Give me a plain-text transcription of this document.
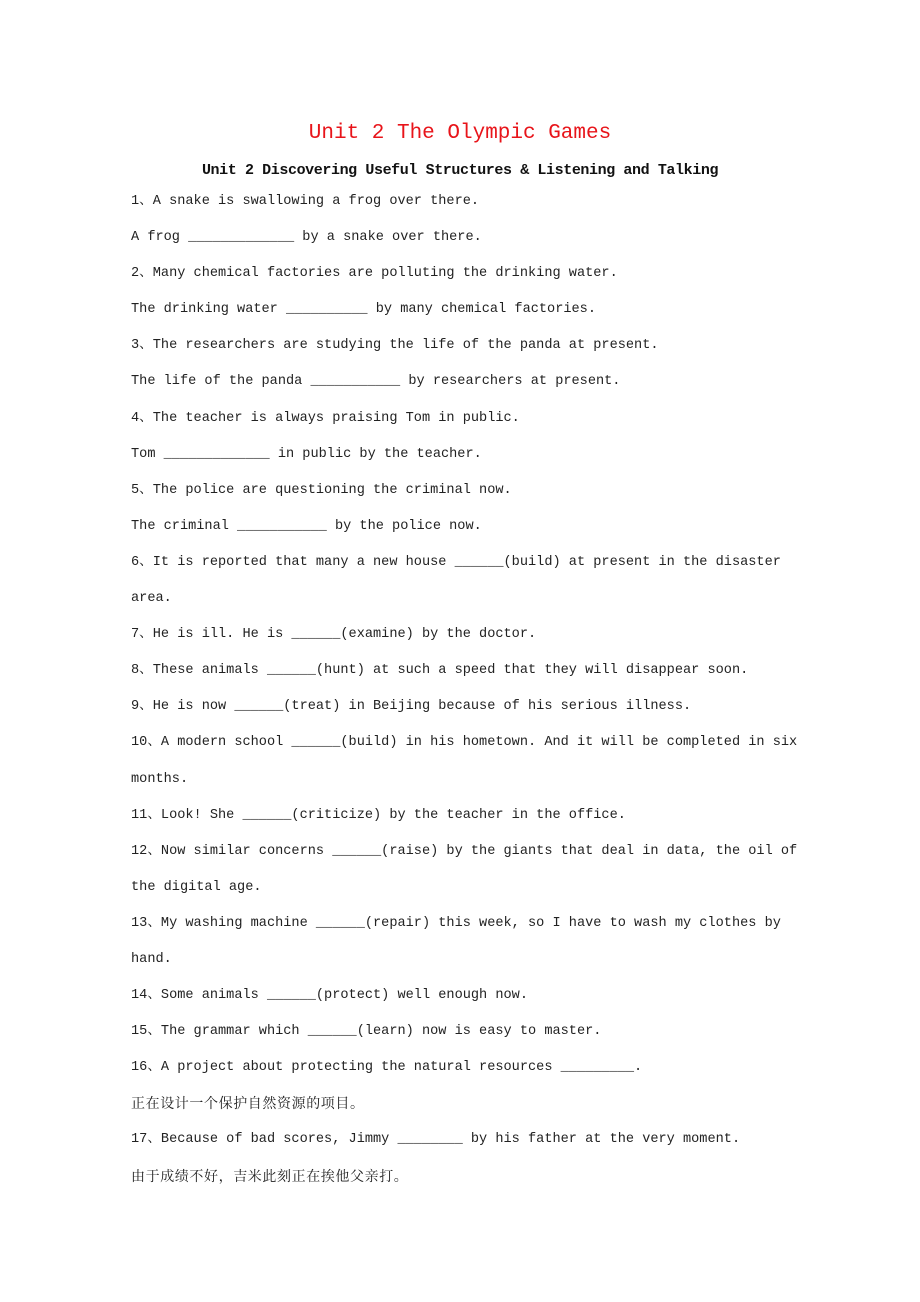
Unit 2 The Olympic Games
Unit 2 Discovering Useful Structures & Listening and Talking
1、A snake is swallowing a frog over there.
A frog _____________ by a snake over there.
2、Many chemical factories are polluting the drinking water.
The drinking water __________ by many chemical factories.
3、The researchers are studying the life of the panda at present.
The life of the panda ___________ by researchers at present.
4、The teacher is always praising Tom in public.
Tom _____________ in public by the teacher.
5、The police are questioning the criminal now.
The criminal ___________ by the police now.
6、It is reported that many a new house ______(build) at present in the disaster
area.
7、He is ill. He is ______(examine) by the doctor.
8、These animals ______(hunt) at such a speed that they will disappear soon.
9、He is now ______(treat) in Beijing because of his serious illness.
10、A modern school ______(build) in his hometown. And it will be completed in six
months.
11、Look! She ______(criticize) by the teacher in the office.
12、Now similar concerns ______(raise) by the giants that deal in data, the oil of
the digital age.
13、My washing machine ______(repair) this week, so I have to wash my clothes by
hand.
14、Some animals ______(protect) well enough now.
15、The grammar which ______(learn) now is easy to master.
16、A project about protecting the natural resources _________.
正在设计一个保护自然资源的项目。
17、Because of bad scores, Jimmy ________ by his father at the very moment.
由于成绩不好，吉米此刻正在挨他父亲打。
